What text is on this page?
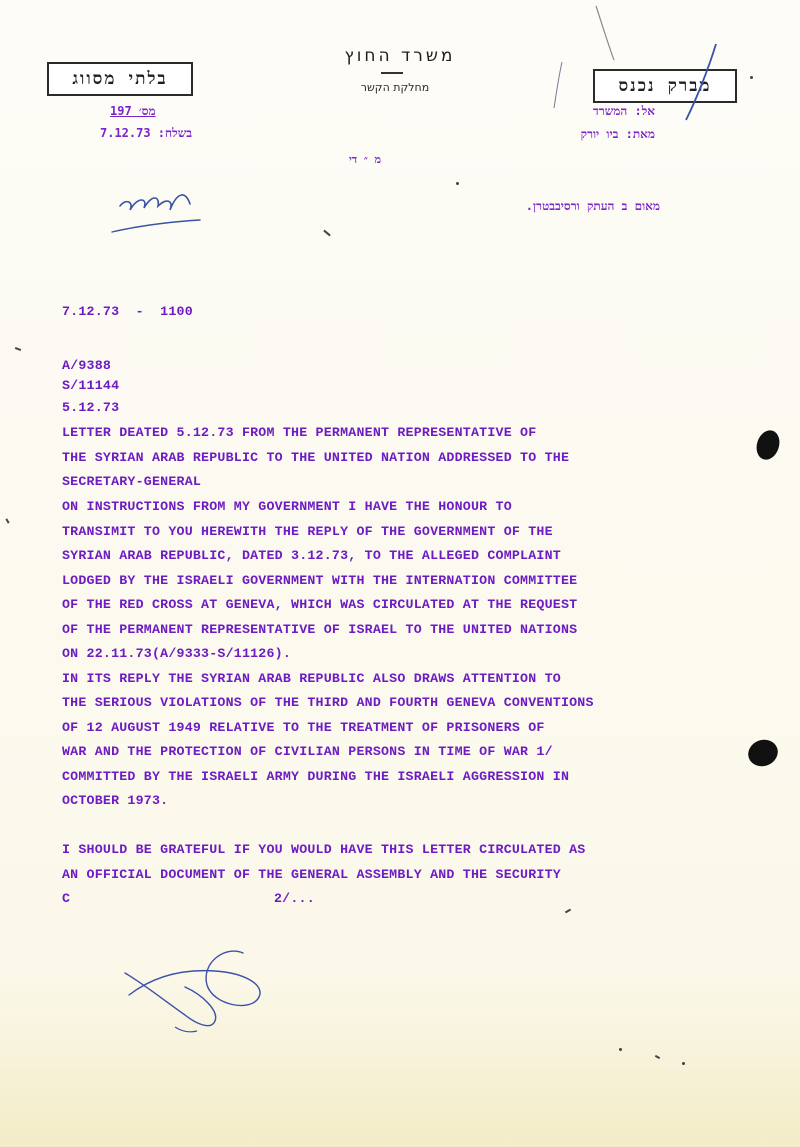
בלתי מסווג	מברק נכנס
משרד החוץ
מחלקת הקשר
מס׳ 197
בשלח: 7.12.73
אל: המשרד
מאת: ביו יורק
מ ״ די
מאום ב העתק ורסיבבטרן.
7.12.73  -  1100
A/9388
S/11144
5.12.73
LETTER DEATED 5.12.73 FROM THE PERMANENT REPRESENTATIVE OF
THE SYRIAN ARAB REPUBLIC TO THE UNITED NATION ADDRESSED TO THE
SECRETARY-GENERAL
ON INSTRUCTIONS FROM MY GOVERNMENT I HAVE THE HONOUR TO
TRANSIMIT TO YOU HEREWITH THE REPLY OF THE GOVERNMENT OF THE
SYRIAN ARAB REPUBLIC, DATED 3.12.73, TO THE ALLEGED COMPLAINT
LODGED BY THE ISRAELI GOVERNMENT WITH THE INTERNATION COMMITTEE
OF THE RED CROSS AT GENEVA, WHICH WAS CIRCULATED AT THE REQUEST
OF THE PERMANENT REPRESENTATIVE OF ISRAEL TO THE UNITED NATIONS
ON 22.11.73(A/9333-S/11126).
IN ITS REPLY THE SYRIAN ARAB REPUBLIC ALSO DRAWS ATTENTION TO
THE SERIOUS VIOLATIONS OF THE THIRD AND FOURTH GENEVA CONVENTIONS
OF 12 AUGUST 1949 RELATIVE TO THE TREATMENT OF PRISONERS OF
WAR AND THE PROTECTION OF CIVILIAN PERSONS IN TIME OF WAR 1/
COMMITTED BY THE ISRAELI ARMY DURING THE ISRAELI AGGRESSION IN
OCTOBER 1973.
I SHOULD BE GRATEFUL IF YOU WOULD HAVE THIS LETTER CIRCULATED AS
AN OFFICIAL DOCUMENT OF THE GENERAL ASSEMBLY AND THE SECURITY
C	2/...
